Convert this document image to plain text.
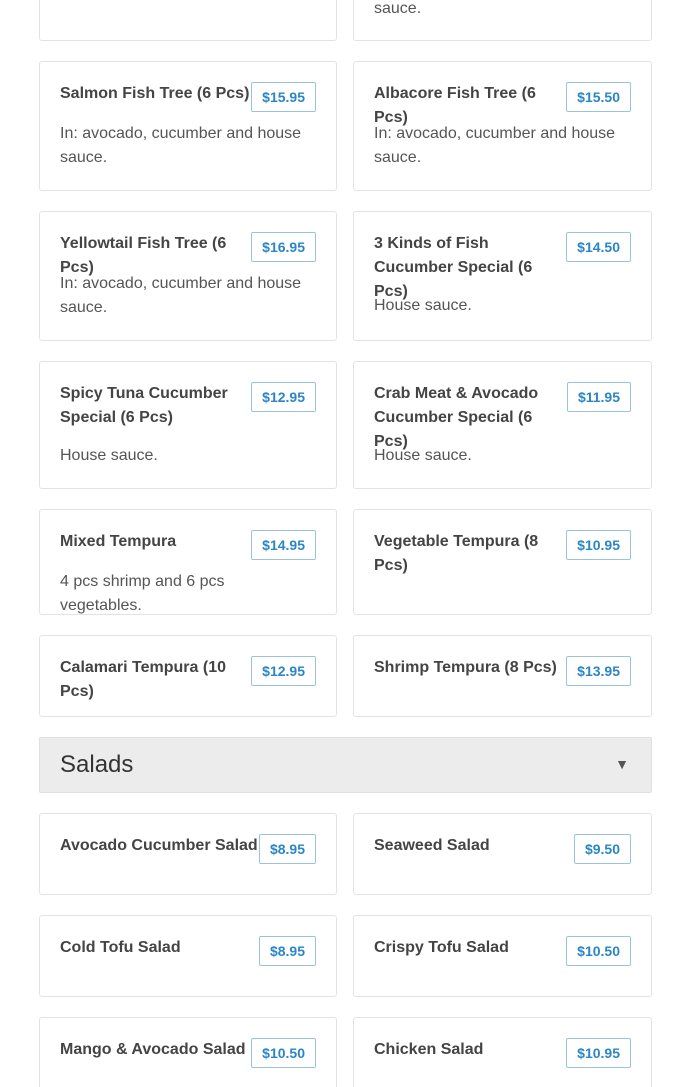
sauce.
Salmon Fish Tree (6 Pcs) $15.95
In: avocado, cucumber and house sauce.
Albacore Fish Tree (6 Pcs)
$15.50
In: avocado, cucumber and house sauce.
Yellowtail Fish Tree (6 Pcs)
$16.95
In: avocado, cucumber and house sauce.
3 Kinds of Fish Cucumber Special (6 Pcs)
$14.50
House sauce.
Spicy Tuna Cucumber Special (6 Pcs)
$12.95
House sauce.
Crab Meat & Avocado Cucumber Special (6 Pcs)
$11.95
House sauce.
Mixed Tempura	$14.95
4 pcs shrimp and 6 pcs vegetables.
Vegetable Tempura (8 Pcs)
$10.95
Calamari Tempura (10 Pcs)
$12.95	Shrimp Tempura (8 Pcs)	$13.95
Salads	▼
Avocado Cucumber Salad $8.95	Seaweed Salad	$9.50
Cold Tofu Salad	$8.95	Crispy Tofu Salad	$10.50
Mango & Avocado Salad	$10.50	Chicken Salad	$10.95
